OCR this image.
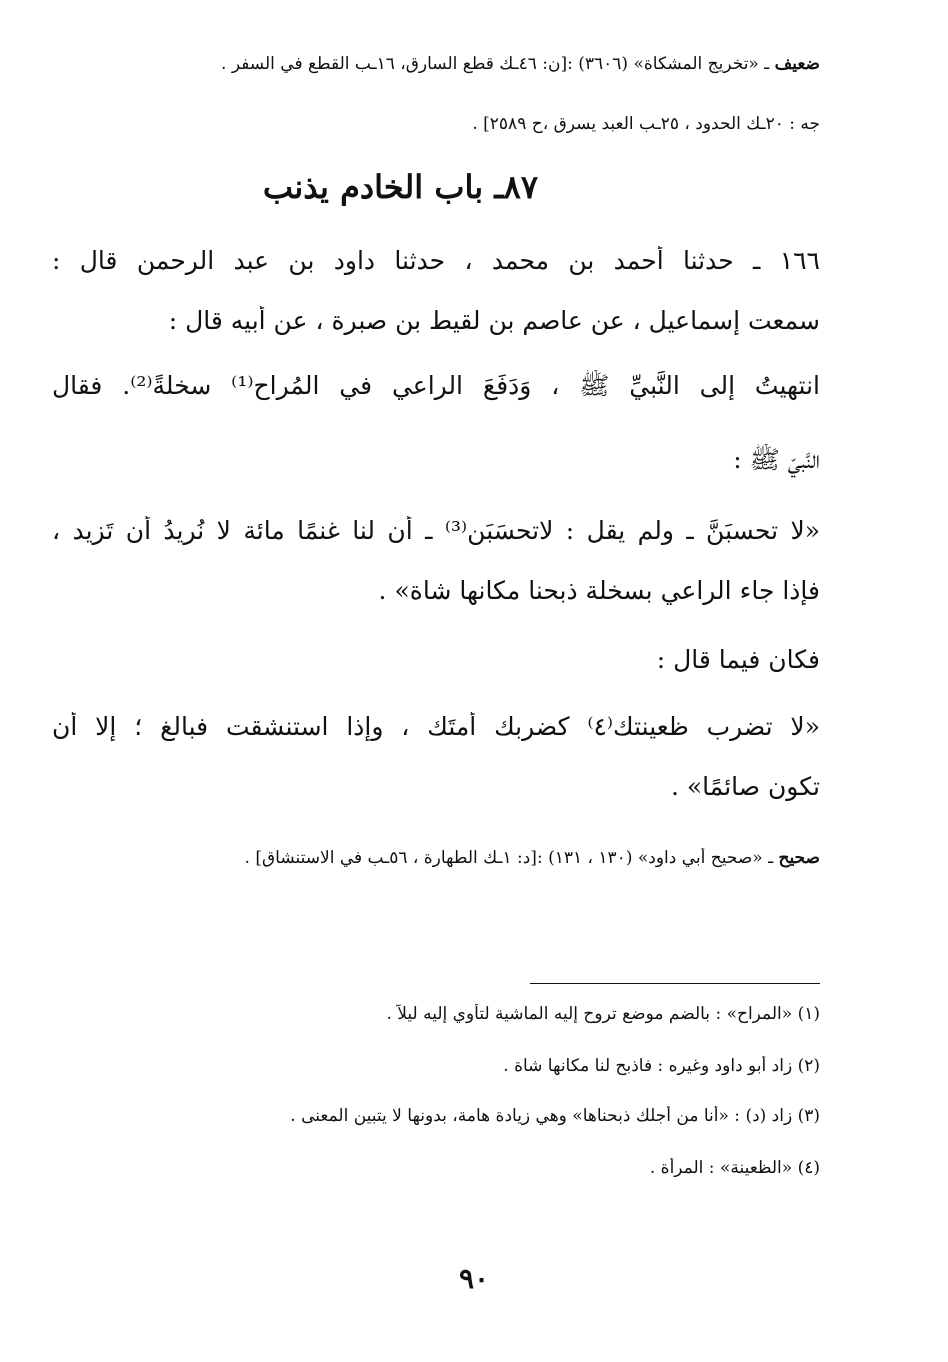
ضعيف ـ «تخريج المشكاة» (٣٦٠٦) :[ن: ٤٦ـك قطع السارق، ١٦ـب القطع في السفر .
جه : ٢٠ـك الحدود ، ٢٥ـب العبد يسرق ،ح ٢٥٨٩] .
٨٧ـ باب الخادم يذنب
١٦٦ ـ حدثنا أحمد بن محمد ، حدثنا داود بن عبد الرحمن قال :
سمعت إسماعيل ، عن عاصم بن لقيط بن صبرة ، عن أبيه قال :
انتهيتُ إلى النَّبيِّ ﷺ ، وَدَفَعَ الراعي في المُراح⁽¹⁾ سخلةً⁽²⁾. فقال
النَّبيّ ﷺ :
«لا تحسبَنَّ ـ ولم يقل : لاتحسَبَن⁽³⁾ ـ أن لنا غنمًا مائة لا نُريدُ أن تَزيد ،
فإذا جاء الراعي بسخلة ذبحنا مكانها شاة» .
فكان فيما قال :
«لا تضرب ظعينتك⁽٤⁾ كضربك أَمتَك ، وإذا استنشقت فبالغ ؛ إلا أن
تكون صائمًا» .
صحيح ـ «صحيح أبي داود» (١٣٠ ، ١٣١) :[د: ١ـك الطهارة ، ٥٦ـب في الاستنشاق] .
(١) «المراح» : بالضم موضع تروح إليه الماشية لتأوي إليه ليلاً .
(٢) زاد أبو داود وغيره : فاذبح لنا مكانها شاة .
(٣) زاد (د) : «أنا من أجلك ذبحناها» وهي زيادة هامة، بدونها لا يتبين المعنى .
(٤) «الظعينة» : المرأة .
٩٠
